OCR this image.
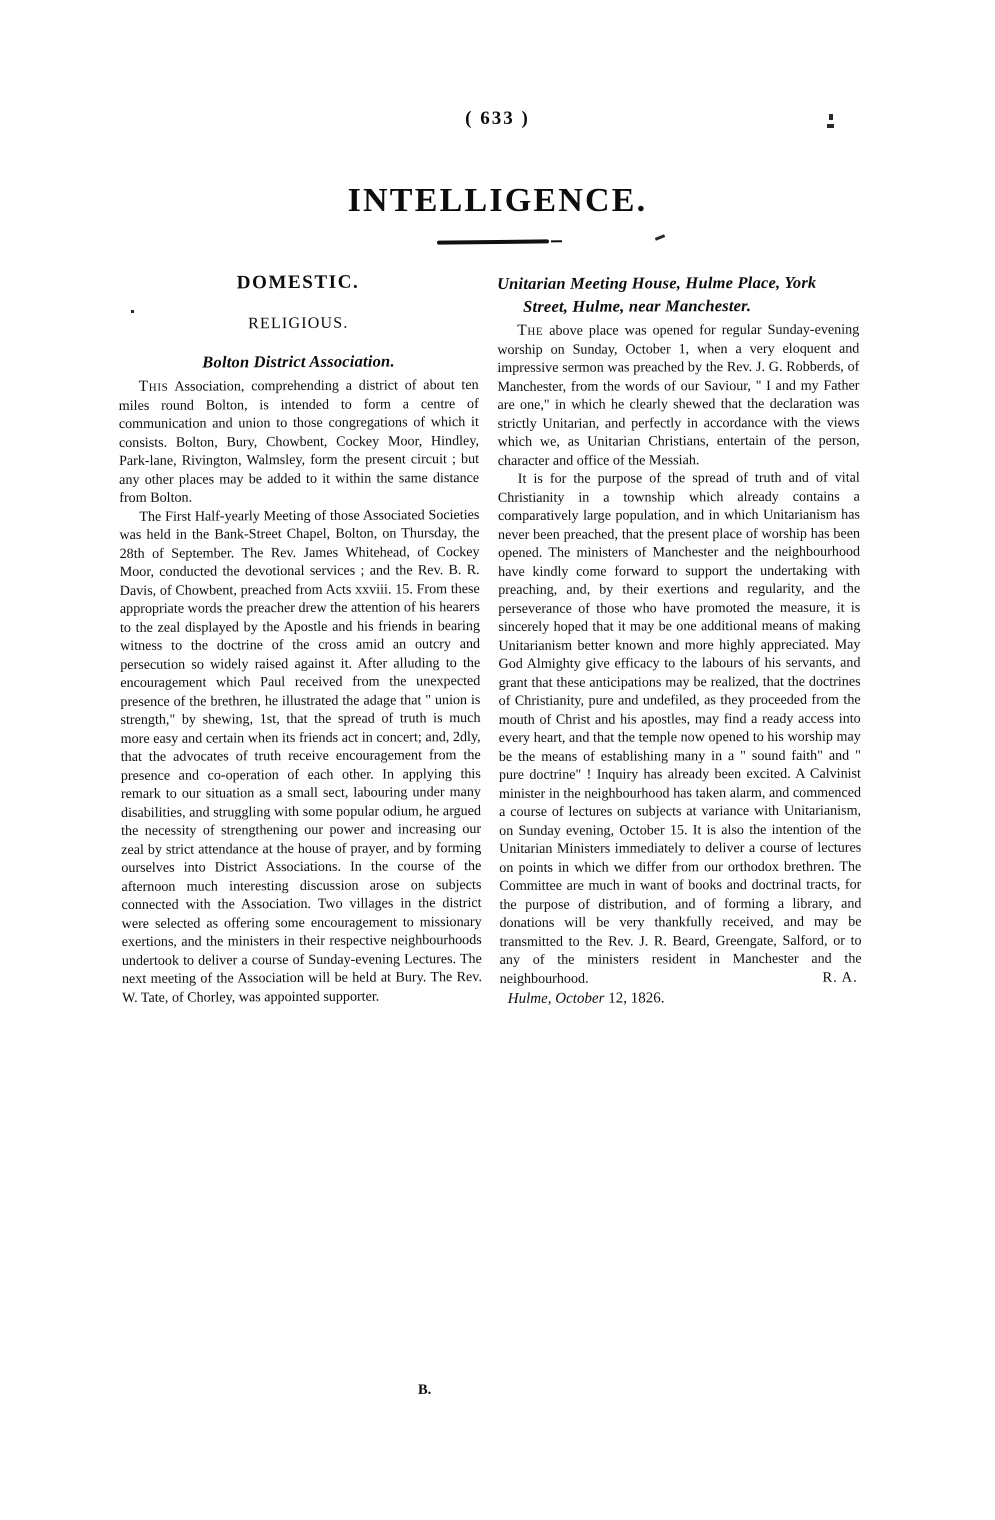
( 633 )
INTELLIGENCE.
DOMESTIC.
RELIGIOUS.
Bolton District Association.

This Association, comprehending a district of about ten miles round Bolton, is intended to form a centre of communication and union to those congregations of which it consists. Bolton, Bury, Chowbent, Cockey Moor, Hindley, Park-lane, Rivington, Walmsley, form the present circuit ; but any other places may be added to it within the same distance from Bolton.

The First Half-yearly Meeting of those Associated Societies was held in the Bank-Street Chapel, Bolton, on Thursday, the 28th of September. The Rev. James Whitehead, of Cockey Moor, conducted the devotional services ; and the Rev. B. R. Davis, of Chowbent, preached from Acts xxviii. 15. From these appropriate words the preacher drew the attention of his hearers to the zeal displayed by the Apostle and his friends in bearing witness to the doctrine of the cross amid an outcry and persecution so widely raised against it. After alluding to the encouragement which Paul received from the unexpected presence of the brethren, he illustrated the adage that " union is strength," by shewing, 1st, that the spread of truth is much more easy and certain when its friends act in concert; and, 2dly, that the advocates of truth receive encouragement from the presence and co-operation of each other. In applying this remark to our situation as a small sect, labouring under many disabilities, and struggling with some popular odium, he argued the necessity of strengthening our power and increasing our zeal by strict attendance at the house of prayer, and by forming ourselves into District Associations. In the course of the afternoon much interesting discussion arose on subjects connected with the Association. Two villages in the district were selected as offering some encouragement to missionary exertions, and the ministers in their respective neighbourhoods undertook to deliver a course of Sunday-evening Lectures. The next meeting of the Association will be held at Bury. The Rev. W. Tate, of Chorley, was appointed supporter.

B.
Unitarian Meeting House, Hulme Place, York Street, Hulme, near Manchester.

The above place was opened for regular Sunday-evening worship on Sunday, October 1, when a very eloquent and impressive sermon was preached by the Rev. J. G. Robberds, of Manchester, from the words of our Saviour, " I and my Father are one," in which he clearly shewed that the declaration was strictly Unitarian, and perfectly in accordance with the views which we, as Unitarian Christians, entertain of the person, character and office of the Messiah.

It is for the purpose of the spread of truth and of vital Christianity in a township which already contains a comparatively large population, and in which Unitarianism has never been preached, that the present place of worship has been opened. The ministers of Manchester and the neighbourhood have kindly come forward to support the undertaking with preaching, and, by their exertions and regularity, and the perseverance of those who have promoted the measure, it is sincerely hoped that it may be one additional means of making Unitarianism better known and more highly appreciated. May God Almighty give efficacy to the labours of his servants, and grant that these anticipations may be realized, that the doctrines of Christianity, pure and undefiled, as they proceeded from the mouth of Christ and his apostles, may find a ready access into every heart, and that the temple now opened to his worship may be the means of establishing many in a " sound faith" and " pure doctrine" ! Inquiry has already been excited. A Calvinist minister in the neighbourhood has taken alarm, and commenced a course of lectures on subjects at variance with Unitarianism, on Sunday evening, October 15. It is also the intention of the Unitarian Ministers immediately to deliver a course of lectures on points in which we differ from our orthodox brethren. The Committee are much in want of books and doctrinal tracts, for the purpose of distribution, and of forming a library, and donations will be very thankfully received, and may be transmitted to the Rev. J. R. Beard, Greengate, Salford, or to any of the ministers resident in Manchester and the neighbourhood.	R. A.

Hulme, October 12, 1826.
